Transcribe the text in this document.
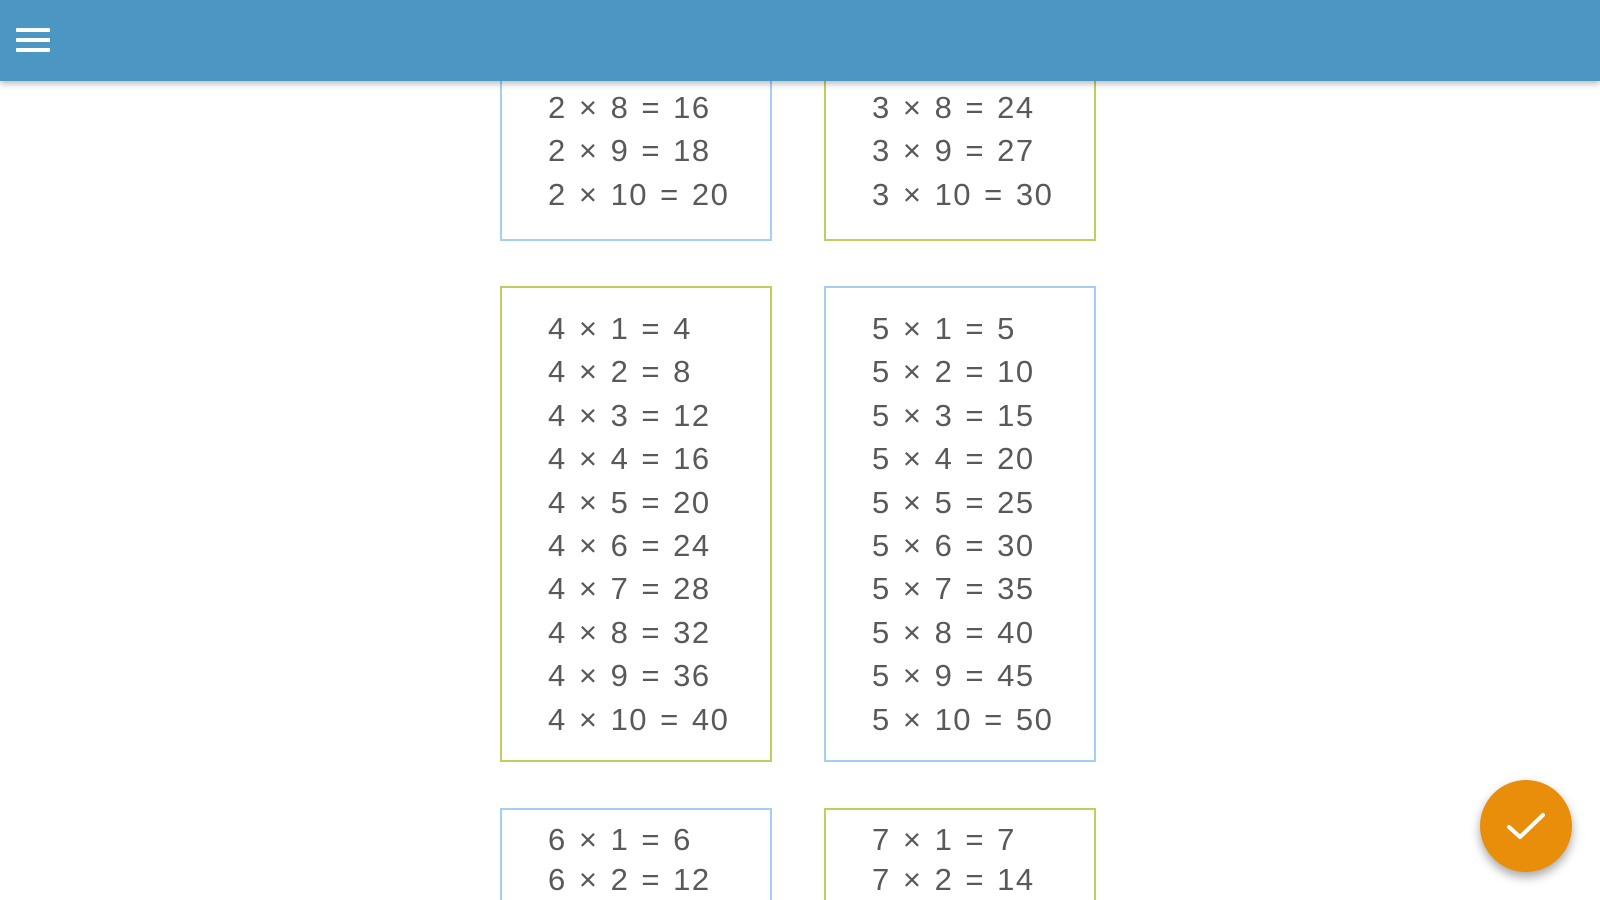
2 × 8 = 16
2 × 9 = 18
2 × 10 = 20
3 × 8 = 24
3 × 9 = 27
3 × 10 = 30
4 × 1 = 4
4 × 2 = 8
4 × 3 = 12
4 × 4 = 16
4 × 5 = 20
4 × 6 = 24
4 × 7 = 28
4 × 8 = 32
4 × 9 = 36
4 × 10 = 40
5 × 1 = 5
5 × 2 = 10
5 × 3 = 15
5 × 4 = 20
5 × 5 = 25
5 × 6 = 30
5 × 7 = 35
5 × 8 = 40
5 × 9 = 45
5 × 10 = 50
6 × 1 = 6
6 × 2 = 12
7 × 1 = 7
7 × 2 = 14
